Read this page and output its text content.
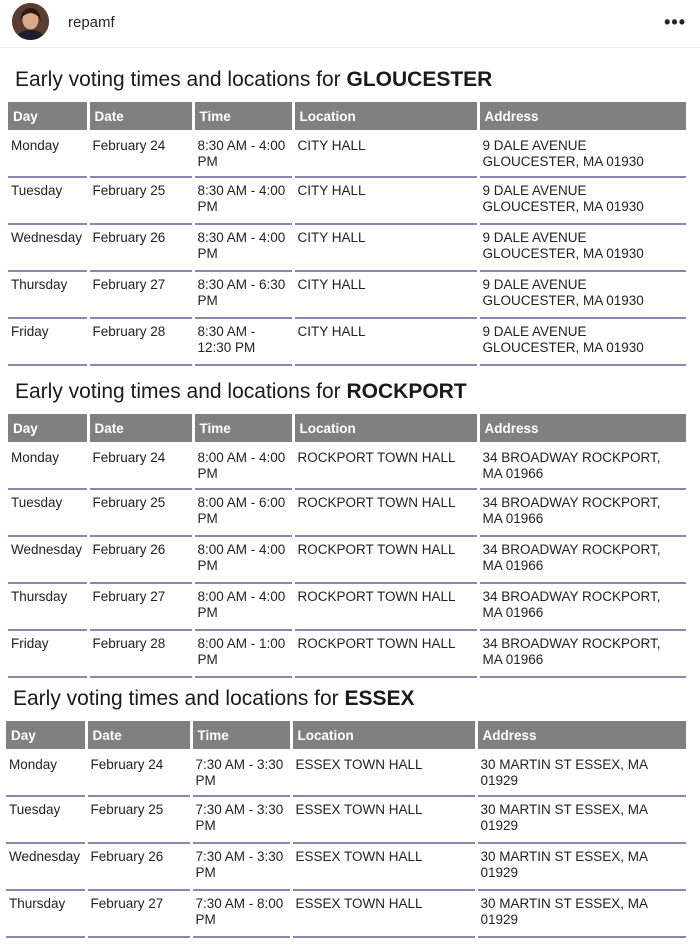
repamf	•••
Early voting times and locations for GLOUCESTER
Day	Date	Time	Location	Address
Monday	February 24	8:30 AM - 4:00 PM	CITY HALL	9 DALE AVENUE GLOUCESTER, MA 01930
Tuesday	February 25	8:30 AM - 4:00 PM	CITY HALL	9 DALE AVENUE GLOUCESTER, MA 01930
Wednesday	February 26	8:30 AM - 4:00 PM	CITY HALL	9 DALE AVENUE GLOUCESTER, MA 01930
Thursday	February 27	8:30 AM - 6:30 PM	CITY HALL	9 DALE AVENUE GLOUCESTER, MA 01930
Friday	February 28	8:30 AM - 12:30 PM	CITY HALL	9 DALE AVENUE GLOUCESTER, MA 01930
Early voting times and locations for ROCKPORT
Day	Date	Time	Location	Address
Monday	February 24	8:00 AM - 4:00 PM	ROCKPORT TOWN HALL	34 BROADWAY ROCKPORT, MA 01966
Tuesday	February 25	8:00 AM - 6:00 PM	ROCKPORT TOWN HALL	34 BROADWAY ROCKPORT, MA 01966
Wednesday	February 26	8:00 AM - 4:00 PM	ROCKPORT TOWN HALL	34 BROADWAY ROCKPORT, MA 01966
Thursday	February 27	8:00 AM - 4:00 PM	ROCKPORT TOWN HALL	34 BROADWAY ROCKPORT, MA 01966
Friday	February 28	8:00 AM - 1:00 PM	ROCKPORT TOWN HALL	34 BROADWAY ROCKPORT, MA 01966
Early voting times and locations for ESSEX
Day	Date	Time	Location	Address
Monday	February 24	7:30 AM - 3:30 PM	ESSEX TOWN HALL	30 MARTIN ST ESSEX, MA 01929
Tuesday	February 25	7:30 AM - 3:30 PM	ESSEX TOWN HALL	30 MARTIN ST ESSEX, MA 01929
Wednesday	February 26	7:30 AM - 3:30 PM	ESSEX TOWN HALL	30 MARTIN ST ESSEX, MA 01929
Thursday	February 27	7:30 AM - 8:00 PM	ESSEX TOWN HALL	30 MARTIN ST ESSEX, MA 01929
